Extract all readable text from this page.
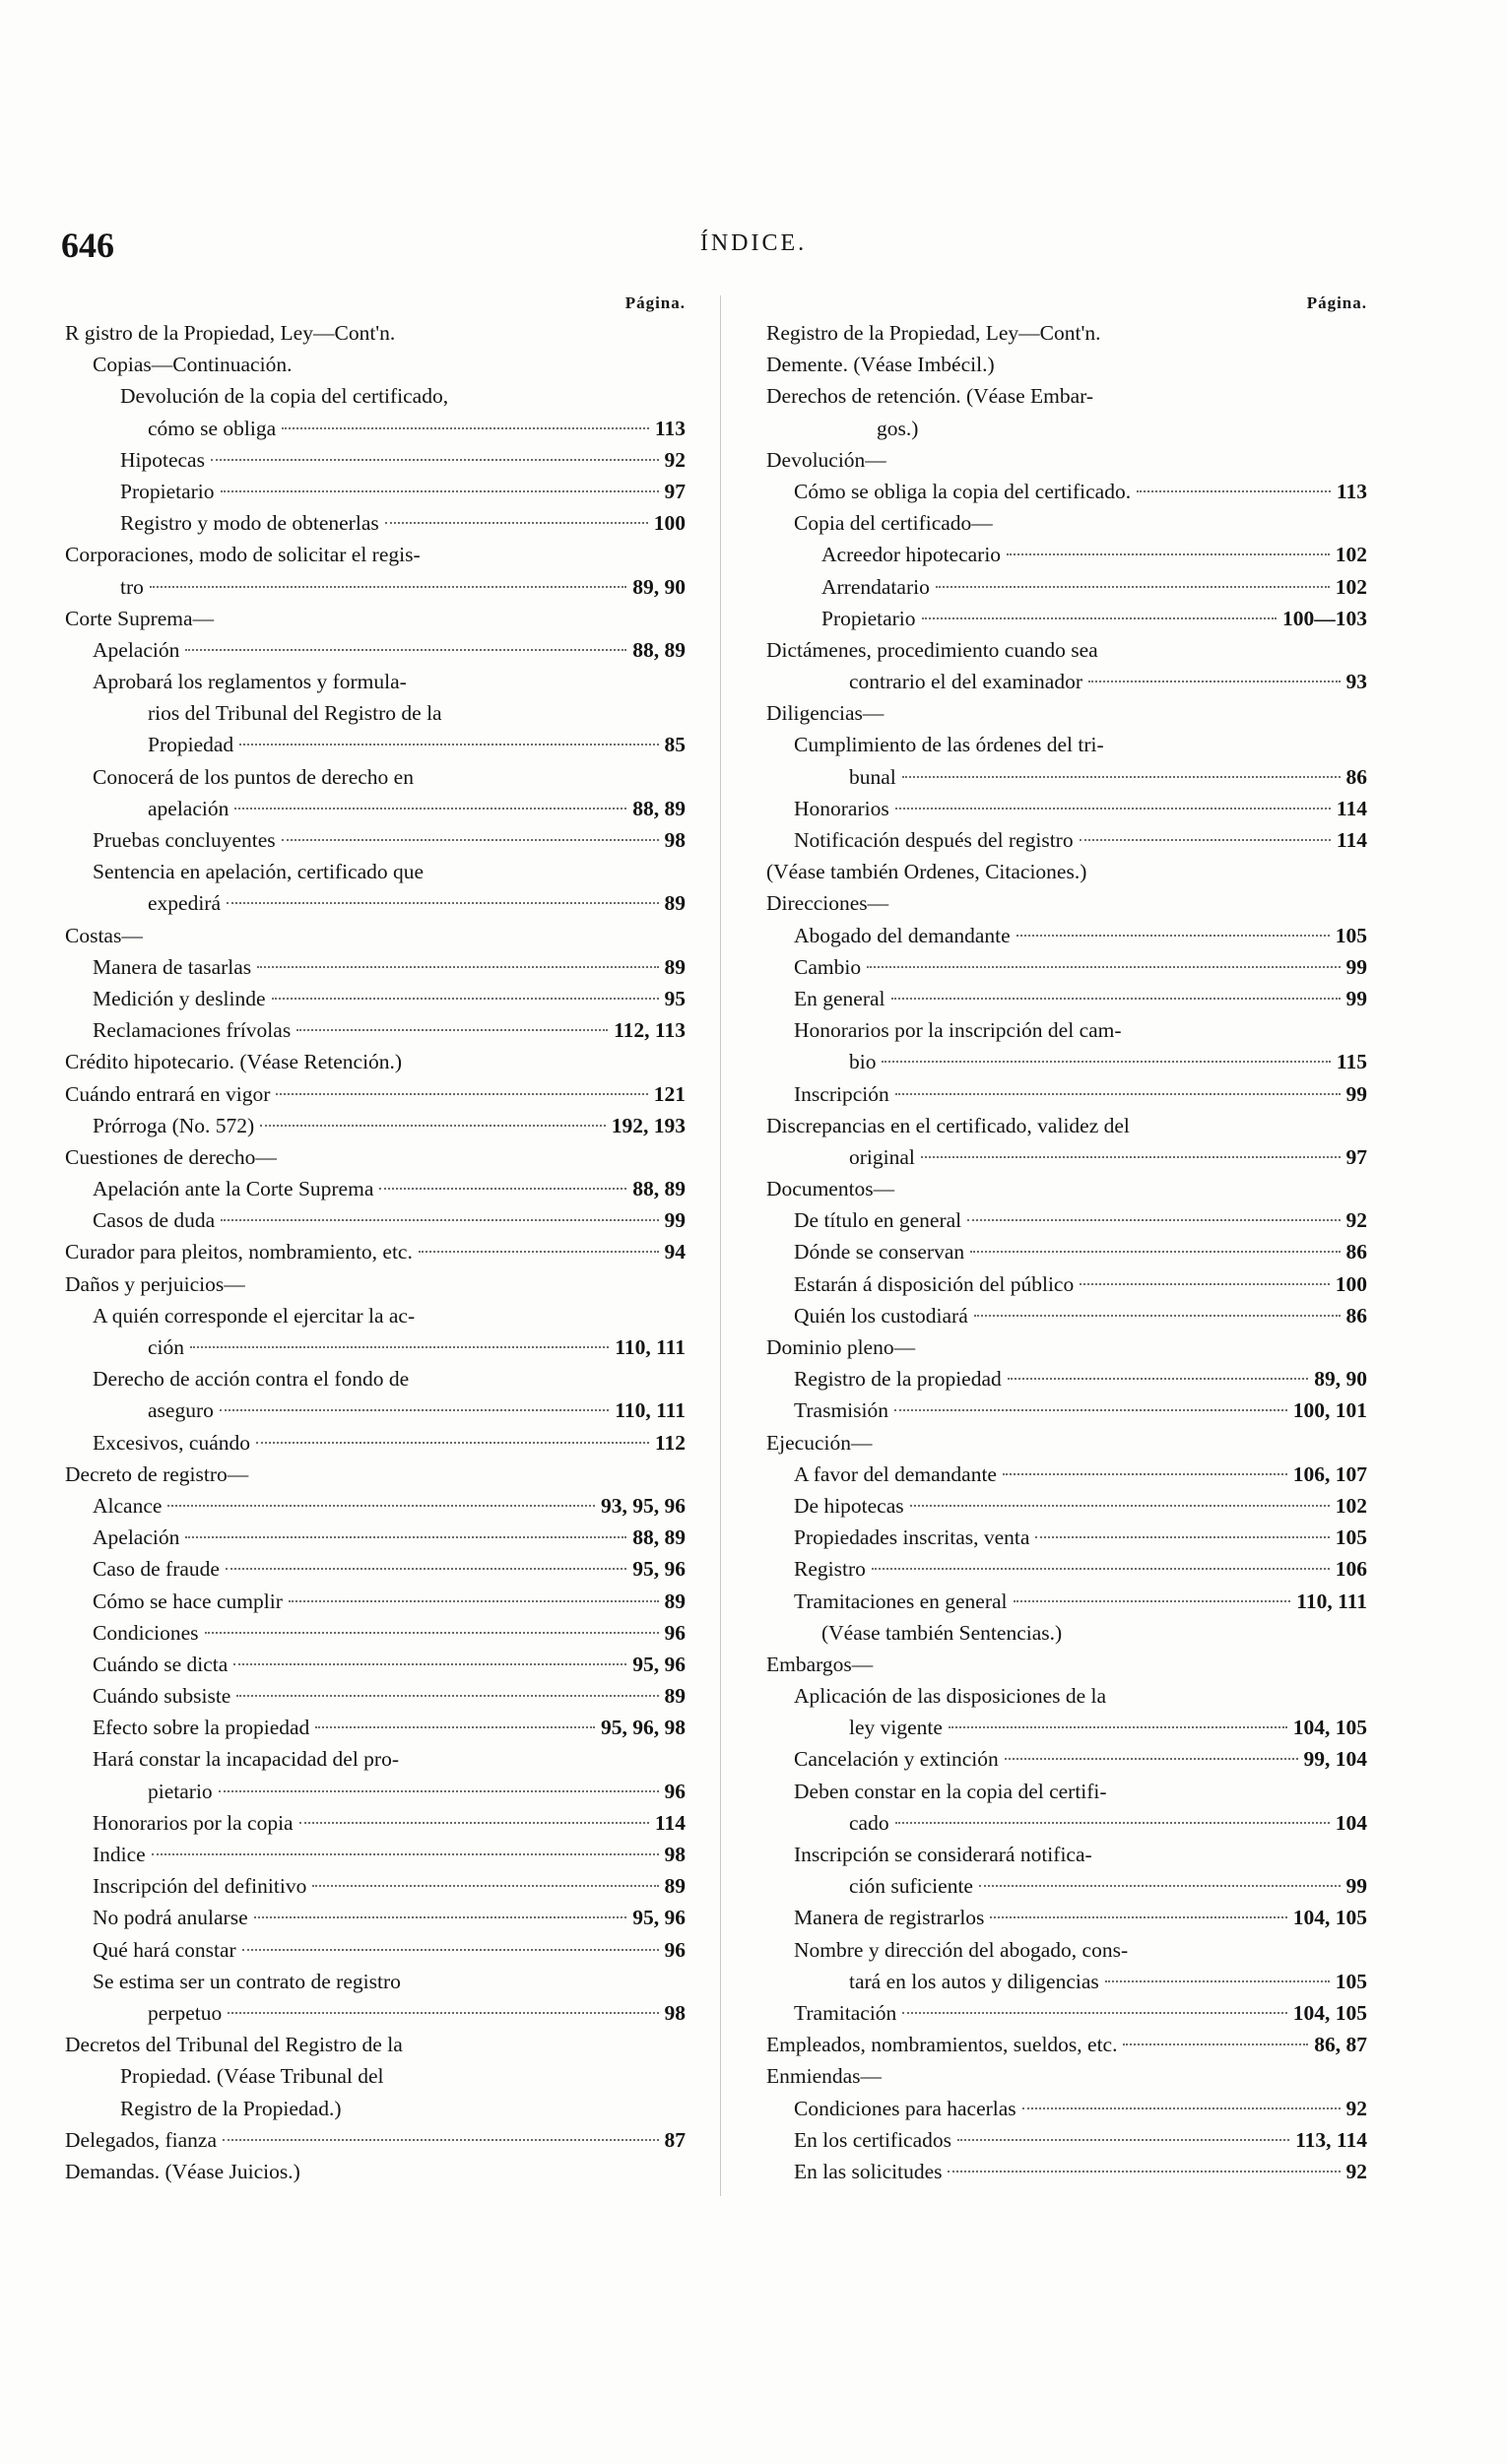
646	ÍNDICE.
Página.
R gistro de la Propiedad, Ley—Cont'n.
Copias—Continuación.
Devolución de la copia del certificado,
cómo se obliga	113
Hipotecas	92
Propietario	97
Registro y modo de obtenerlas	100
Corporaciones, modo de solicitar el regis-
tro	89, 90
Corte Suprema—
Apelación	88, 89
Aprobará los reglamentos y formula-
rios del Tribunal del Registro de la
Propiedad	85
Conocerá de los puntos de derecho en
apelación	88, 89
Pruebas concluyentes	98
Sentencia en apelación, certificado que
expedirá	89
Costas—
Manera de tasarlas	89
Medición y deslinde	95
Reclamaciones frívolas	112, 113
Crédito hipotecario. (Véase Retención.)
Cuándo entrará en vigor	121
Prórroga (No. 572)	192, 193
Cuestiones de derecho—
Apelación ante la Corte Suprema	88, 89
Casos de duda	99
Curador para pleitos, nombramiento, etc.	94
Daños y perjuicios—
A quién corresponde el ejercitar la ac-
ción	110, 111
Derecho de acción contra el fondo de
aseguro	110, 111
Excesivos, cuándo	112
Decreto de registro—
Alcance	93, 95, 96
Apelación	88, 89
Caso de fraude	95, 96
Cómo se hace cumplir	89
Condiciones	96
Cuándo se dicta	95, 96
Cuándo subsiste	89
Efecto sobre la propiedad	95, 96, 98
Hará constar la incapacidad del pro-
pietario	96
Honorarios por la copia	114
Indice	98
Inscripción del definitivo	89
No podrá anularse	95, 96
Qué hará constar	96
Se estima ser un contrato de registro
perpetuo	98
Decretos del Tribunal del Registro de la
Propiedad. (Véase Tribunal del
Registro de la Propiedad.)
Delegados, fianza	87
Demandas. (Véase Juicios.)
Página.
Registro de la Propiedad, Ley—Cont'n.
Demente. (Véase Imbécil.)
Derechos de retención. (Véase Embar-
gos.)
Devolución—
Cómo se obliga la copia del certificado.	113
Copia del certificado—
Acreedor hipotecario	102
Arrendatario	102
Propietario	100—103
Dictámenes, procedimiento cuando sea
contrario el del examinador	93
Diligencias—
Cumplimiento de las órdenes del tri-
bunal	86
Honorarios	114
Notificación después del registro	114
(Véase también Ordenes, Citaciones.)
Direcciones—
Abogado del demandante	105
Cambio	99
En general	99
Honorarios por la inscripción del cam-
bio	115
Inscripción	99
Discrepancias en el certificado, validez del
original	97
Documentos—
De título en general	92
Dónde se conservan	86
Estarán á disposición del público	100
Quién los custodiará	86
Dominio pleno—
Registro de la propiedad	89, 90
Trasmisión	100, 101
Ejecución—
A favor del demandante	106, 107
De hipotecas	102
Propiedades inscritas, venta	105
Registro	106
Tramitaciones en general	110, 111
(Véase también Sentencias.)
Embargos—
Aplicación de las disposiciones de la
ley vigente	104, 105
Cancelación y extinción	99, 104
Deben constar en la copia del certifi-
cado	104
Inscripción se considerará notifica-
ción suficiente	99
Manera de registrarlos	104, 105
Nombre y dirección del abogado, cons-
tará en los autos y diligencias	105
Tramitación	104, 105
Empleados, nombramientos, sueldos, etc.	86, 87
Enmiendas—
Condiciones para hacerlas	92
En los certificados	113, 114
En las solicitudes	92
